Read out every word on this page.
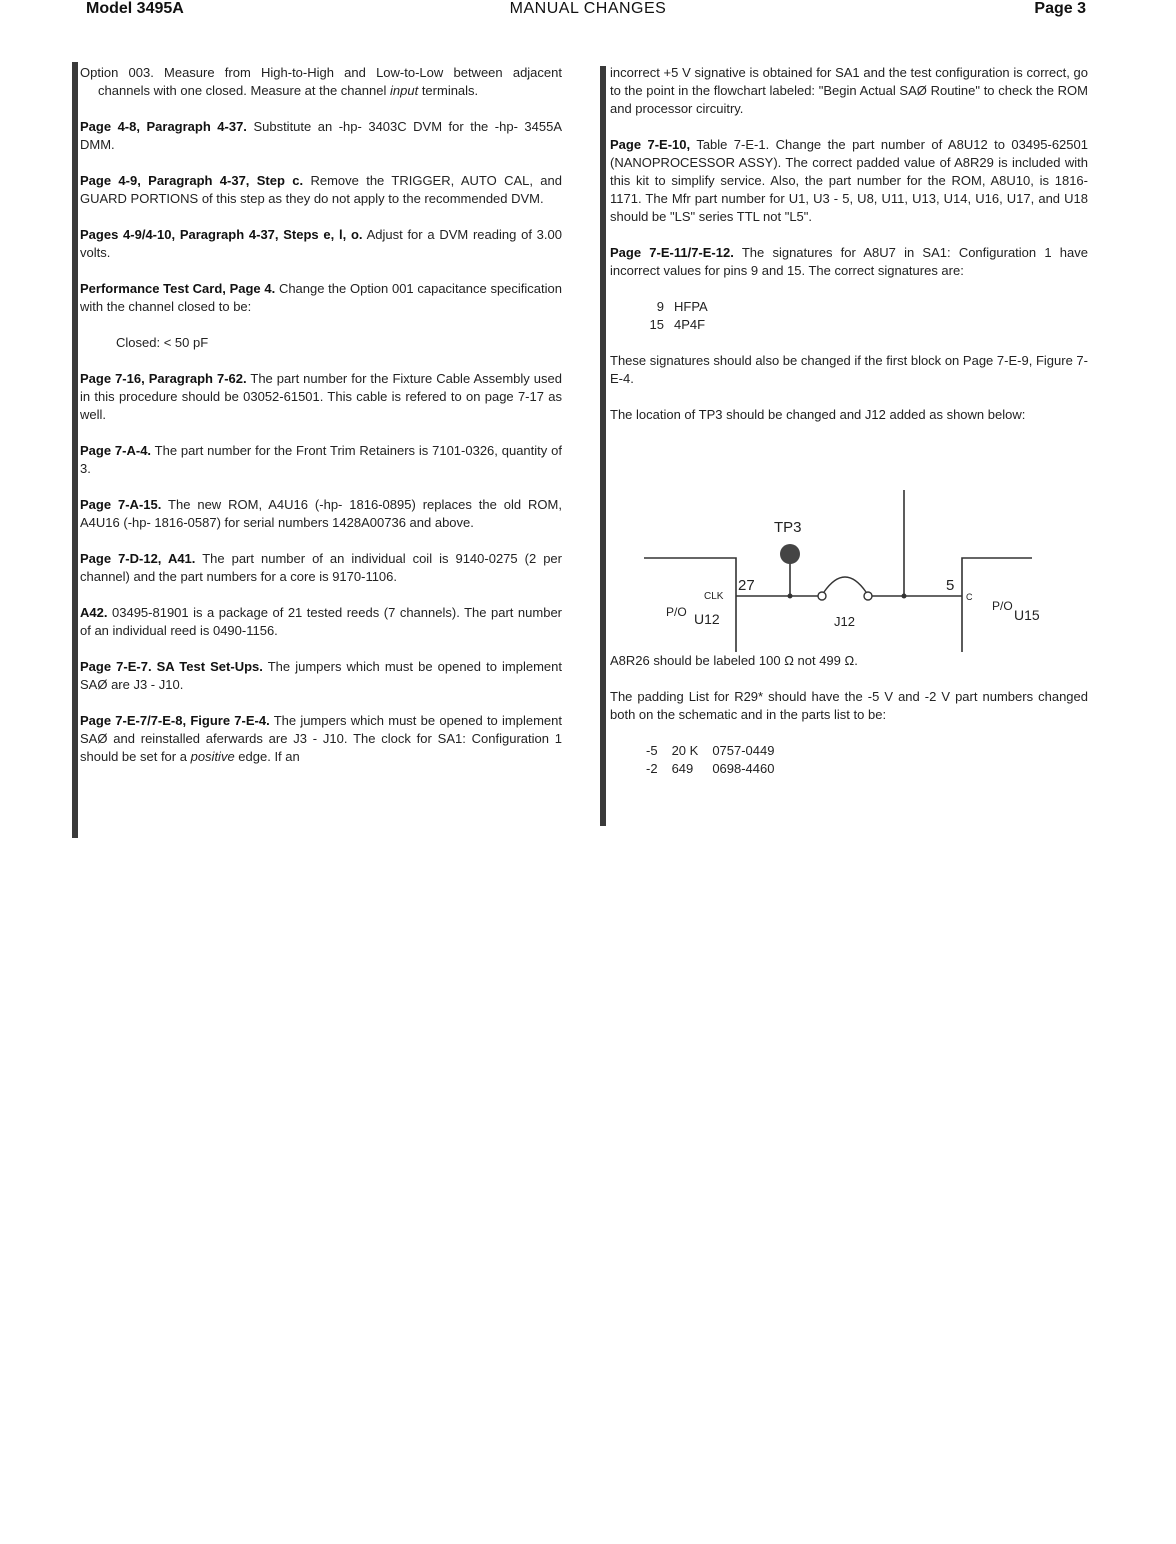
Model 3495A	MANUAL CHANGES	Page 3

Option 003. Measure from High-to-High and Low-to-Low between adjacent channels with one closed. Measure at the channel input terminals.

Page 4-8, Paragraph 4-37. Substitute an -hp- 3403C DVM for the -hp- 3455A DMM.

Page 4-9, Paragraph 4-37, Step c. Remove the TRIGGER, AUTO CAL, and GUARD PORTIONS of this step as they do not apply to the recommended DVM.

Pages 4-9/4-10, Paragraph 4-37, Steps e, l, o. Adjust for a DVM reading of 3.00 volts.

Performance Test Card, Page 4. Change the Option 001 capacitance specification with the channel closed to be:

Closed: < 50 pF

Page 7-16, Paragraph 7-62. The part number for the Fixture Cable Assembly used in this procedure should be 03052-61501. This cable is refered to on page 7-17 as well.

Page 7-A-4. The part number for the Front Trim Retainers is 7101-0326, quantity of 3.

Page 7-A-15. The new ROM, A4U16 (-hp- 1816-0895) replaces the old ROM, A4U16 (-hp- 1816-0587) for serial numbers 1428A00736 and above.

Page 7-D-12, A41. The part number of an individual coil is 9140-0275 (2 per channel) and the part numbers for a core is 9170-1106.

A42. 03495-81901 is a package of 21 tested reeds (7 channels). The part number of an individual reed is 0490-1156.

Page 7-E-7. SA Test Set-Ups. The jumpers which must be opened to implement SAØ are J3 - J10.

Page 7-E-7/7-E-8, Figure 7-E-4. The jumpers which must be opened to implement SAØ and reinstalled aferwards are J3 - J10. The clock for SA1: Configuration 1 should be set for a positive edge. If an

incorrect +5 V signative is obtained for SA1 and the test configuration is correct, go to the point in the flowchart labeled: "Begin Actual SAØ Routine" to check the ROM and processor circuitry.

Page 7-E-10, Table 7-E-1. Change the part number of A8U12 to 03495-62501 (NANOPROCESSOR ASSY). The correct padded value of A8R29 is included with this kit to simplify service. Also, the part number for the ROM, A8U10, is 1816-1171. The Mfr part number for U1, U3 - 5, U8, U11, U13, U14, U16, U17, and U18 should be "LS" series TTL not "L5".

Page 7-E-11/7-E-12. The signatures for A8U7 in SA1: Configuration 1 have incorrect values for pins 9 and 15. The correct signatures are:

9	HFPA
15	4P4F

These signatures should also be changed if the first block on Page 7-E-9, Figure 7-E-4.

The location of TP3 should be changed and J12 added as shown below:

A8R26 should be labeled 100 Ω not 499 Ω.

The padding List for R29* should have the -5 V and -2 V part numbers changed both on the schematic and in the parts list to be:

-5	20 K	0757-0449
-2	649	0698-4460
TP3
CLK
27	5
C
P/O U12	J12
P/O
U15
